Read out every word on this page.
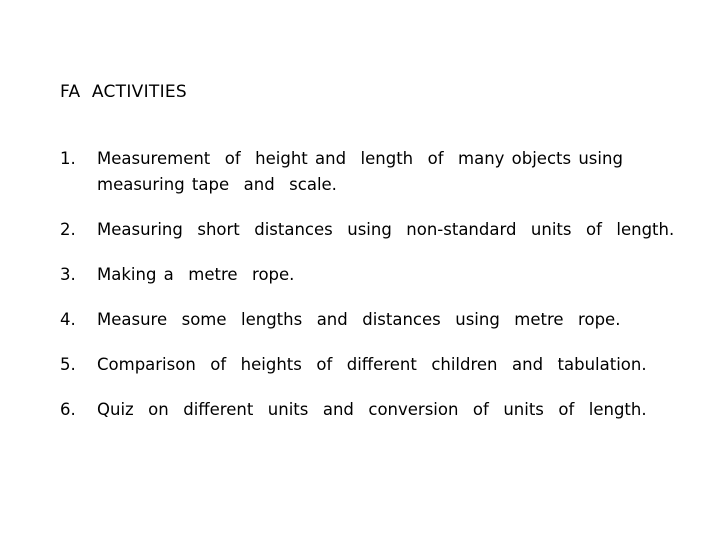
FA  ACTIVITIES
1. Measurement  of  height and  length  of  many objects using measuring tape  and  scale.
2. Measuring  short  distances  using  non-standard  units  of  length.
3. Making a  metre  rope.
4. Measure  some  lengths  and  distances  using  metre  rope.
5. Comparison  of  heights  of  different  children  and  tabulation.
6. Quiz  on  different  units  and  conversion  of  units  of  length.
